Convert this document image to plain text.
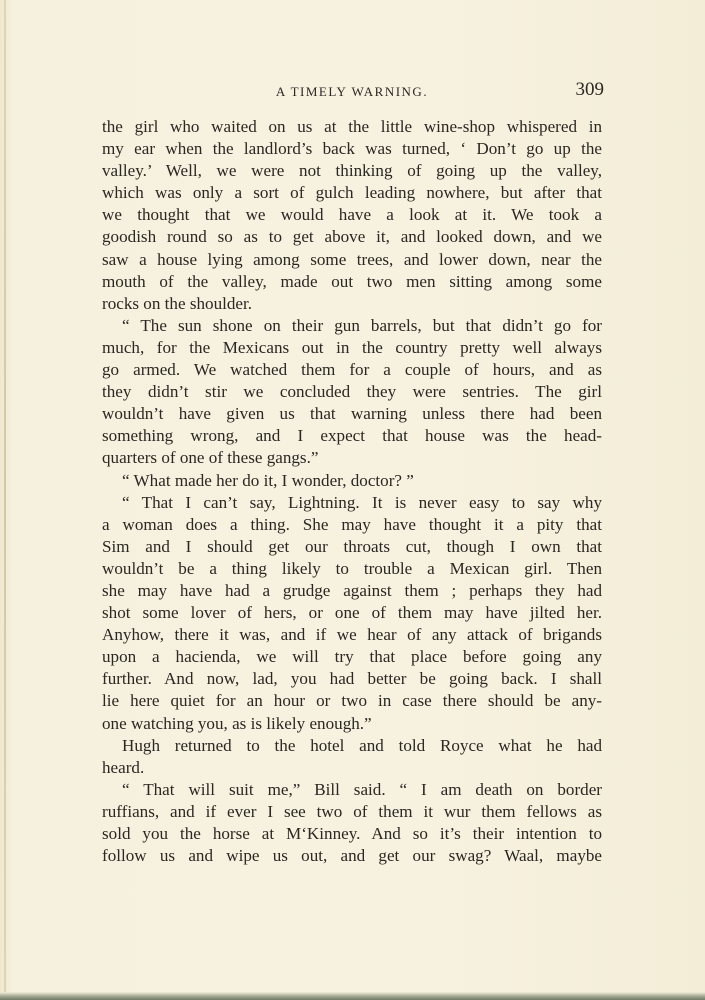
A TIMELY WARNING.	309
the girl who waited on us at the little wine-shop whispered in
my ear when the landlord’s back was turned, ‘ Don’t go up the
valley.’ Well, we were not thinking of going up the valley,
which was only a sort of gulch leading nowhere, but after that
we thought that we would have a look at it. We took a
goodish round so as to get above it, and looked down, and we
saw a house lying among some trees, and lower down, near the
mouth of the valley, made out two men sitting among some
rocks on the shoulder.
“ The sun shone on their gun barrels, but that didn’t go for
much, for the Mexicans out in the country pretty well always
go armed. We watched them for a couple of hours, and as
they didn’t stir we concluded they were sentries. The girl
wouldn’t have given us that warning unless there had been
something wrong, and I expect that house was the head-
quarters of one of these gangs.”
“ What made her do it, I wonder, doctor? ”
“ That I can’t say, Lightning. It is never easy to say why
a woman does a thing. She may have thought it a pity that
Sim and I should get our throats cut, though I own that
wouldn’t be a thing likely to trouble a Mexican girl. Then
she may have had a grudge against them ; perhaps they had
shot some lover of hers, or one of them may have jilted her.
Anyhow, there it was, and if we hear of any attack of brigands
upon a hacienda, we will try that place before going any
further. And now, lad, you had better be going back. I shall
lie here quiet for an hour or two in case there should be any-
one watching you, as is likely enough.”
Hugh returned to the hotel and told Royce what he had
heard.
“ That will suit me,” Bill said. “ I am death on border
ruffians, and if ever I see two of them it wur them fellows as
sold you the horse at M‘Kinney. And so it’s their intention to
follow us and wipe us out, and get our swag? Waal, maybe
